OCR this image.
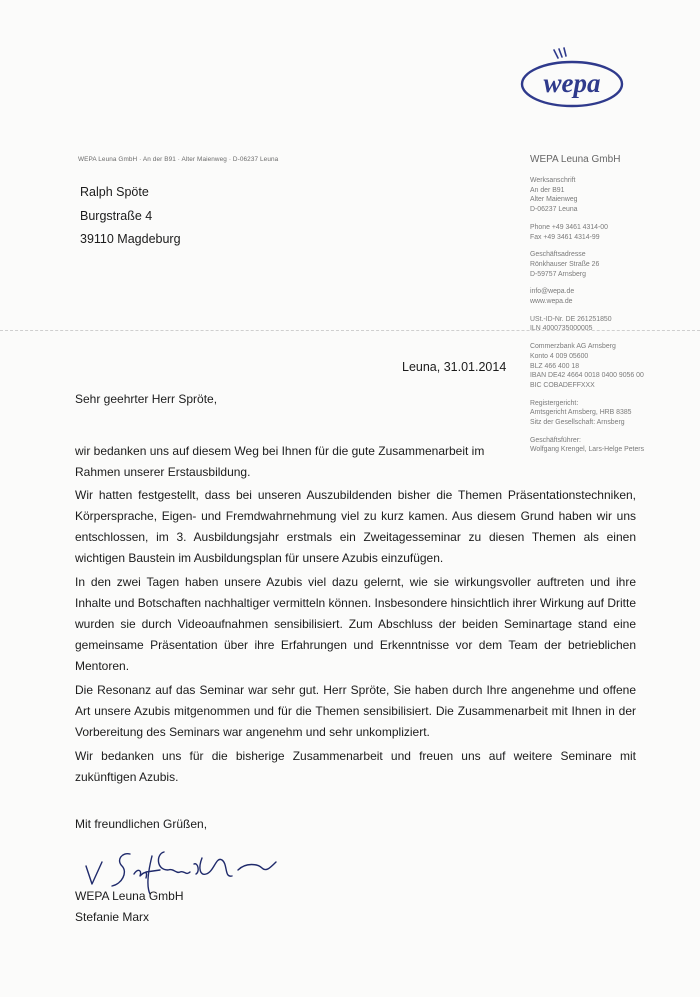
wepa
WEPA Leuna GmbH · An der B91 · Alter Maienweg · D-06237 Leuna
Ralph Spöte
Burgstraße 4
39110 Magdeburg
WEPA Leuna GmbH
Werksanschrift
An der B91
Alter Maienweg
D-06237 Leuna
Phone +49 3461 4314-00
Fax +49 3461 4314-99
Geschäftsadresse
Rönkhauser Straße 26
D-59757 Arnsberg
info@wepa.de
www.wepa.de
USt.-ID-Nr. DE 261251850
ILN 4000735000005
Commerzbank AG Arnsberg
Konto 4 009 05600
BLZ 466 400 18
IBAN DE42 4664 0018 0400 9056 00
BIC COBADEFFXXX
Registergericht:
Amtsgericht Arnsberg, HRB 8385
Sitz der Gesellschaft: Arnsberg
Geschäftsführer:
Wolfgang Krengel, Lars-Helge Peters
Leuna, 31.01.2014
Sehr geehrter Herr Spröte,

wir bedanken uns auf diesem Weg bei Ihnen für die gute Zusammenarbeit im Rahmen unserer Erstausbildung.

Wir hatten festgestellt, dass bei unseren Auszubildenden bisher die Themen Präsentationstechniken, Körpersprache, Eigen- und Fremdwahrnehmung viel zu kurz kamen. Aus diesem Grund haben wir uns entschlossen, im 3. Ausbildungsjahr erstmals ein Zweitagesseminar zu diesen Themen als einen wichtigen Baustein im Ausbildungsplan für unsere Azubis einzufügen.

In den zwei Tagen haben unsere Azubis viel dazu gelernt, wie sie wirkungsvoller auftreten und ihre Inhalte und Botschaften nachhaltiger vermitteln können. Insbesondere hinsichtlich ihrer Wirkung auf Dritte wurden sie durch Videoaufnahmen sensibilisiert. Zum Abschluss der beiden Seminartage stand eine gemeinsame Präsentation über ihre Erfahrungen und Erkenntnisse vor dem Team der betrieblichen Mentoren.

Die Resonanz auf das Seminar war sehr gut. Herr Spröte, Sie haben durch Ihre angenehme und offene Art unsere Azubis mitgenommen und für die Themen sensibilisiert. Die Zusammenarbeit mit Ihnen in der Vorbereitung des Seminars war angenehm und sehr unkompliziert.

Wir bedanken uns für die bisherige Zusammenarbeit und freuen uns auf weitere Seminare mit zukünftigen Azubis.

Mit freundlichen Grüßen,
WEPA Leuna GmbH
Stefanie Marx
